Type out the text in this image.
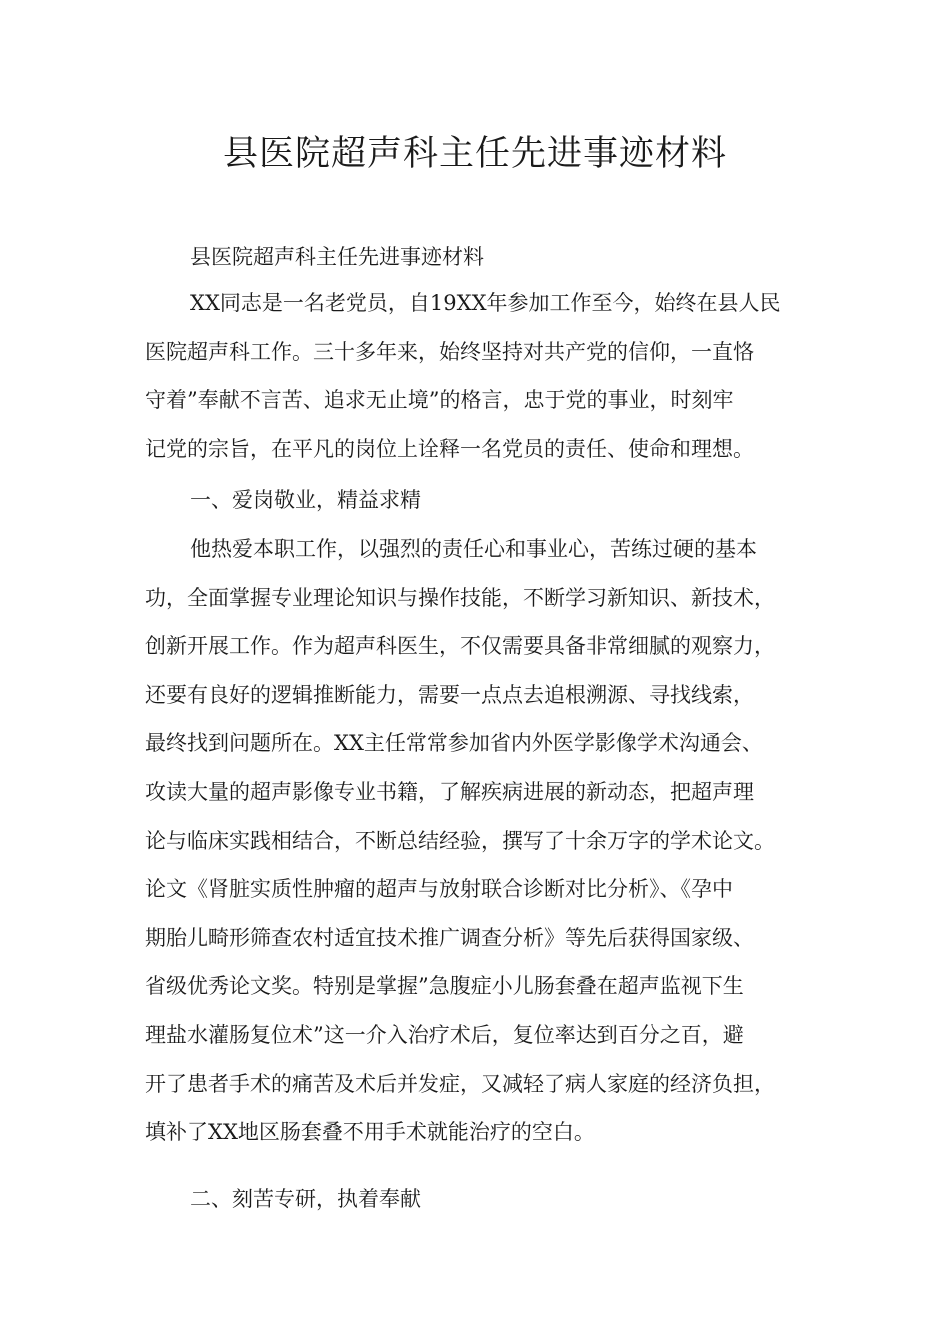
县医院超声科主任先进事迹材料

县医院超声科主任先进事迹材料

XX同志是一名老党员，自19XX年参加工作至今，始终在县人民
医院超声科工作。三十多年来，始终坚持对共产党的信仰，一直恪
守着”奉献不言苦、追求无止境”的格言，忠于党的事业，时刻牢
记党的宗旨，在平凡的岗位上诠释一名党员的责任、使命和理想。

一、爱岗敬业，精益求精

他热爱本职工作，以强烈的责任心和事业心，苦练过硬的基本
功，全面掌握专业理论知识与操作技能，不断学习新知识、新技术，
创新开展工作。作为超声科医生，不仅需要具备非常细腻的观察力，
还要有良好的逻辑推断能力，需要一点点去追根溯源、寻找线索，
最终找到问题所在。XX主任常常参加省内外医学影像学术沟通会、
攻读大量的超声影像专业书籍，了解疾病进展的新动态，把超声理
论与临床实践相结合，不断总结经验，撰写了十余万字的学术论文。
论文《肾脏实质性肿瘤的超声与放射联合诊断对比分析》、《孕中
期胎儿畸形筛查农村适宜技术推广调查分析》等先后获得国家级、
省级优秀论文奖。特别是掌握”急腹症小儿肠套叠在超声监视下生
理盐水灌肠复位术”这一介入治疗术后，复位率达到百分之百，避
开了患者手术的痛苦及术后并发症，又减轻了病人家庭的经济负担，
填补了XX地区肠套叠不用手术就能治疗的空白。

二、刻苦专研，执着奉献
